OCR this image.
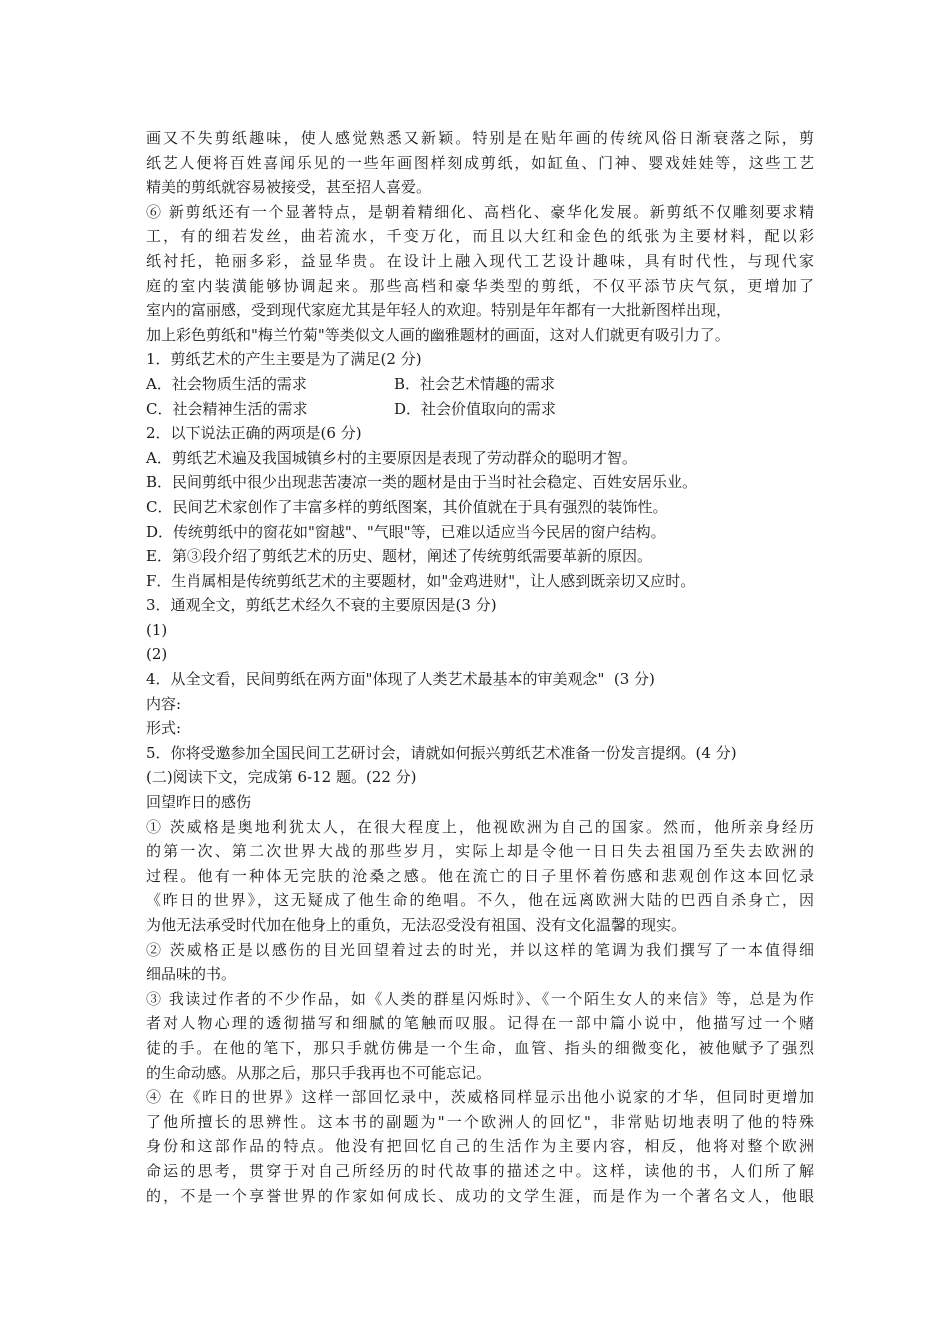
画又不失剪纸趣味，使人感觉熟悉又新颖。特别是在贴年画的传统风俗日渐衰落之际，剪
纸艺人便将百姓喜闻乐见的一些年画图样刻成剪纸，如缸鱼、门神、婴戏娃娃等，这些工艺
精美的剪纸就容易被接受，甚至招人喜爱。
⑥ 新剪纸还有一个显著特点，是朝着精细化、高档化、豪华化发展。新剪纸不仅雕刻要求精
工，有的细若发丝，曲若流水，千变万化，而且以大红和金色的纸张为主要材料，配以彩
纸衬托，艳丽多彩，益显华贵。在设计上融入现代工艺设计趣味，具有时代性，与现代家
庭的室内装潢能够协调起来。那些高档和豪华类型的剪纸，不仅平添节庆气氛，更增加了
室内的富丽感，受到现代家庭尤其是年轻人的欢迎。特别是年年都有一大批新图样出现，
加上彩色剪纸和"梅兰竹菊"等类似文人画的幽雅题材的画面，这对人们就更有吸引力了。
1．剪纸艺术的产生主要是为了满足(2 分)
A．社会物质生活的需求	B．社会艺术情趣的需求
C．社会精神生活的需求	D．社会价值取向的需求
2．以下说法正确的两项是(6 分)
A．剪纸艺术遍及我国城镇乡村的主要原因是表现了劳动群众的聪明才智。
B．民间剪纸中很少出现悲苦凄凉一类的题材是由于当时社会稳定、百姓安居乐业。
C．民间艺术家创作了丰富多样的剪纸图案，其价值就在于具有强烈的装饰性。
D．传统剪纸中的窗花如"窗越"、"气眼"等，已难以适应当今民居的窗户结构。
E．第③段介绍了剪纸艺术的历史、题材，阐述了传统剪纸需要革新的原因。
F．生肖属相是传统剪纸艺术的主要题材，如"金鸡进财"，让人感到既亲切又应时。
3．通观全文，剪纸艺术经久不衰的主要原因是(3 分)
(1)
(2)
4．从全文看，民间剪纸在两方面"体现了人类艺术最基本的审美观念"  (3 分)
内容:
形式:
5．你将受邀参加全国民间工艺研讨会，请就如何振兴剪纸艺术准备一份发言提纲。(4 分)
(二)阅读下文，完成第 6-12 题。(22 分)
回望昨日的感伤
① 茨威格是奥地利犹太人，在很大程度上，他视欧洲为自己的国家。然而，他所亲身经历
的第一次、第二次世界大战的那些岁月，实际上却是令他一日日失去祖国乃至失去欧洲的
过程。他有一种体无完肤的沧桑之感。他在流亡的日子里怀着伤感和悲观创作这本回忆录
《昨日的世界》，这无疑成了他生命的绝唱。不久，他在远离欧洲大陆的巴西自杀身亡，因
为他无法承受时代加在他身上的重负，无法忍受没有祖国、没有文化温馨的现实。
② 茨威格正是以感伤的目光回望着过去的时光，并以这样的笔调为我们撰写了一本值得细
细品味的书。
③ 我读过作者的不少作品，如《人类的群星闪烁时》、《一个陌生女人的来信》等，总是为作
者对人物心理的透彻描写和细腻的笔触而叹服。记得在一部中篇小说中，他描写过一个赌
徒的手。在他的笔下，那只手就仿佛是一个生命，血管、指头的细微变化，被他赋予了强烈
的生命动感。从那之后，那只手我再也不可能忘记。
④ 在《昨日的世界》这样一部回忆录中，茨威格同样显示出他小说家的才华，但同时更增加
了他所擅长的思辨性。这本书的副题为"一个欧洲人的回忆"，非常贴切地表明了他的特殊
身份和这部作品的特点。他没有把回忆自己的生活作为主要内容，相反，他将对整个欧洲
命运的思考，贯穿于对自己所经历的时代故事的描述之中。这样，读他的书，人们所了解
的，不是一个享誉世界的作家如何成长、成功的文学生涯，而是作为一个著名文人，他眼
